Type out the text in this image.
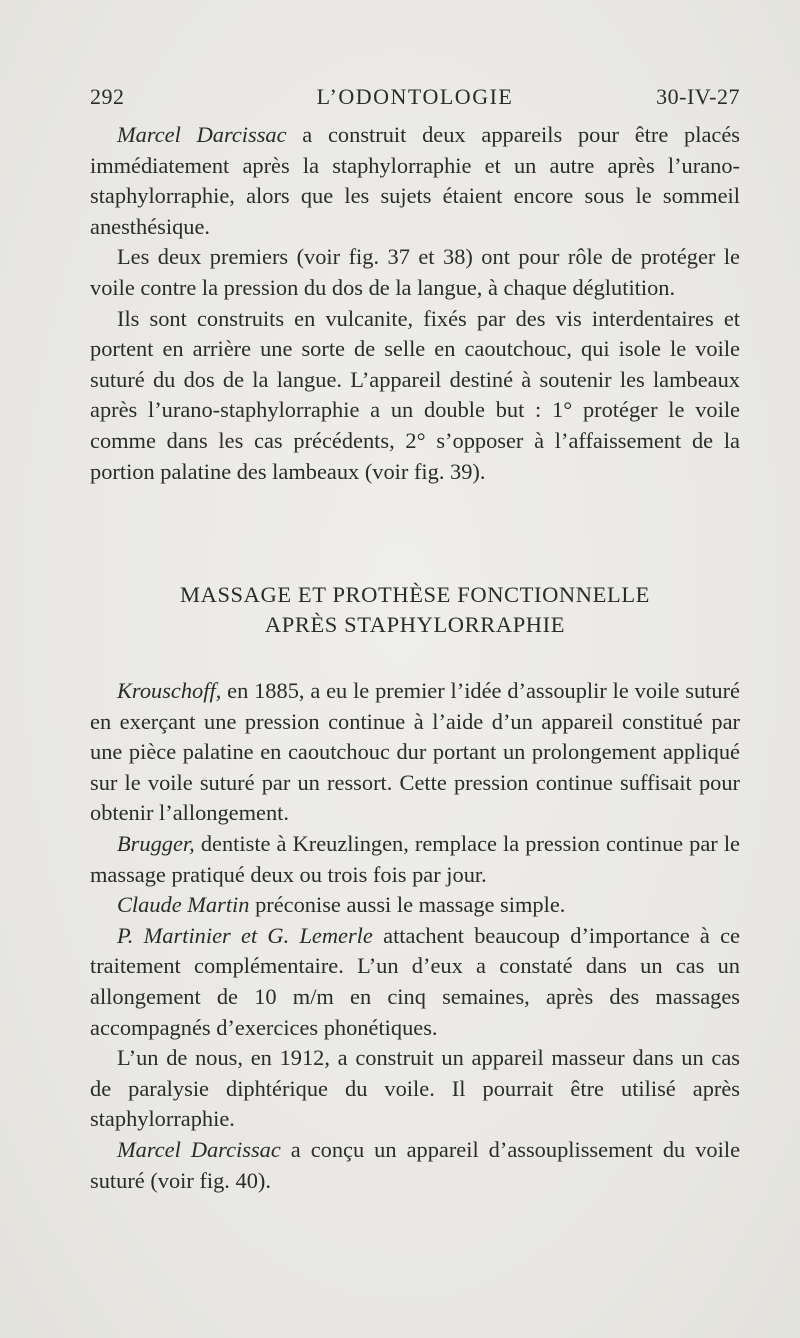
292	L’ODONTOLOGIE	30-IV-27

Marcel Darcissac a construit deux appareils pour être placés immédiatement après la staphylorraphie et un autre après l’urano-staphylorraphie, alors que les sujets étaient encore sous le sommeil anesthésique.

Les deux premiers (voir fig. 37 et 38) ont pour rôle de protéger le voile contre la pression du dos de la langue, à chaque déglutition.

Ils sont construits en vulcanite, fixés par des vis interdentaires et portent en arrière une sorte de selle en caoutchouc, qui isole le voile suturé du dos de la langue. L’appareil destiné à soutenir les lambeaux après l’urano-staphylorraphie a un double but : 1° protéger le voile comme dans les cas précédents, 2° s’opposer à l’affaissement de la portion palatine des lambeaux (voir fig. 39).

MASSAGE ET PROTHÈSE FONCTIONNELLE
APRÈS STAPHYLORRAPHIE

Krouschoff, en 1885, a eu le premier l’idée d’assouplir le voile suturé en exerçant une pression continue à l’aide d’un appareil constitué par une pièce palatine en caoutchouc dur portant un prolongement appliqué sur le voile suturé par un ressort. Cette pression continue suffisait pour obtenir l’allongement.

Brugger, dentiste à Kreuzlingen, remplace la pression continue par le massage pratiqué deux ou trois fois par jour.

Claude Martin préconise aussi le massage simple.

P. Martinier et G. Lemerle attachent beaucoup d’importance à ce traitement complémentaire. L’un d’eux a constaté dans un cas un allongement de 10 m/m en cinq semaines, après des massages accompagnés d’exercices phonétiques.

L’un de nous, en 1912, a construit un appareil masseur dans un cas de paralysie diphtérique du voile. Il pourrait être utilisé après staphylorraphie.

Marcel Darcissac a conçu un appareil d’assouplissement du voile suturé (voir fig. 40).
